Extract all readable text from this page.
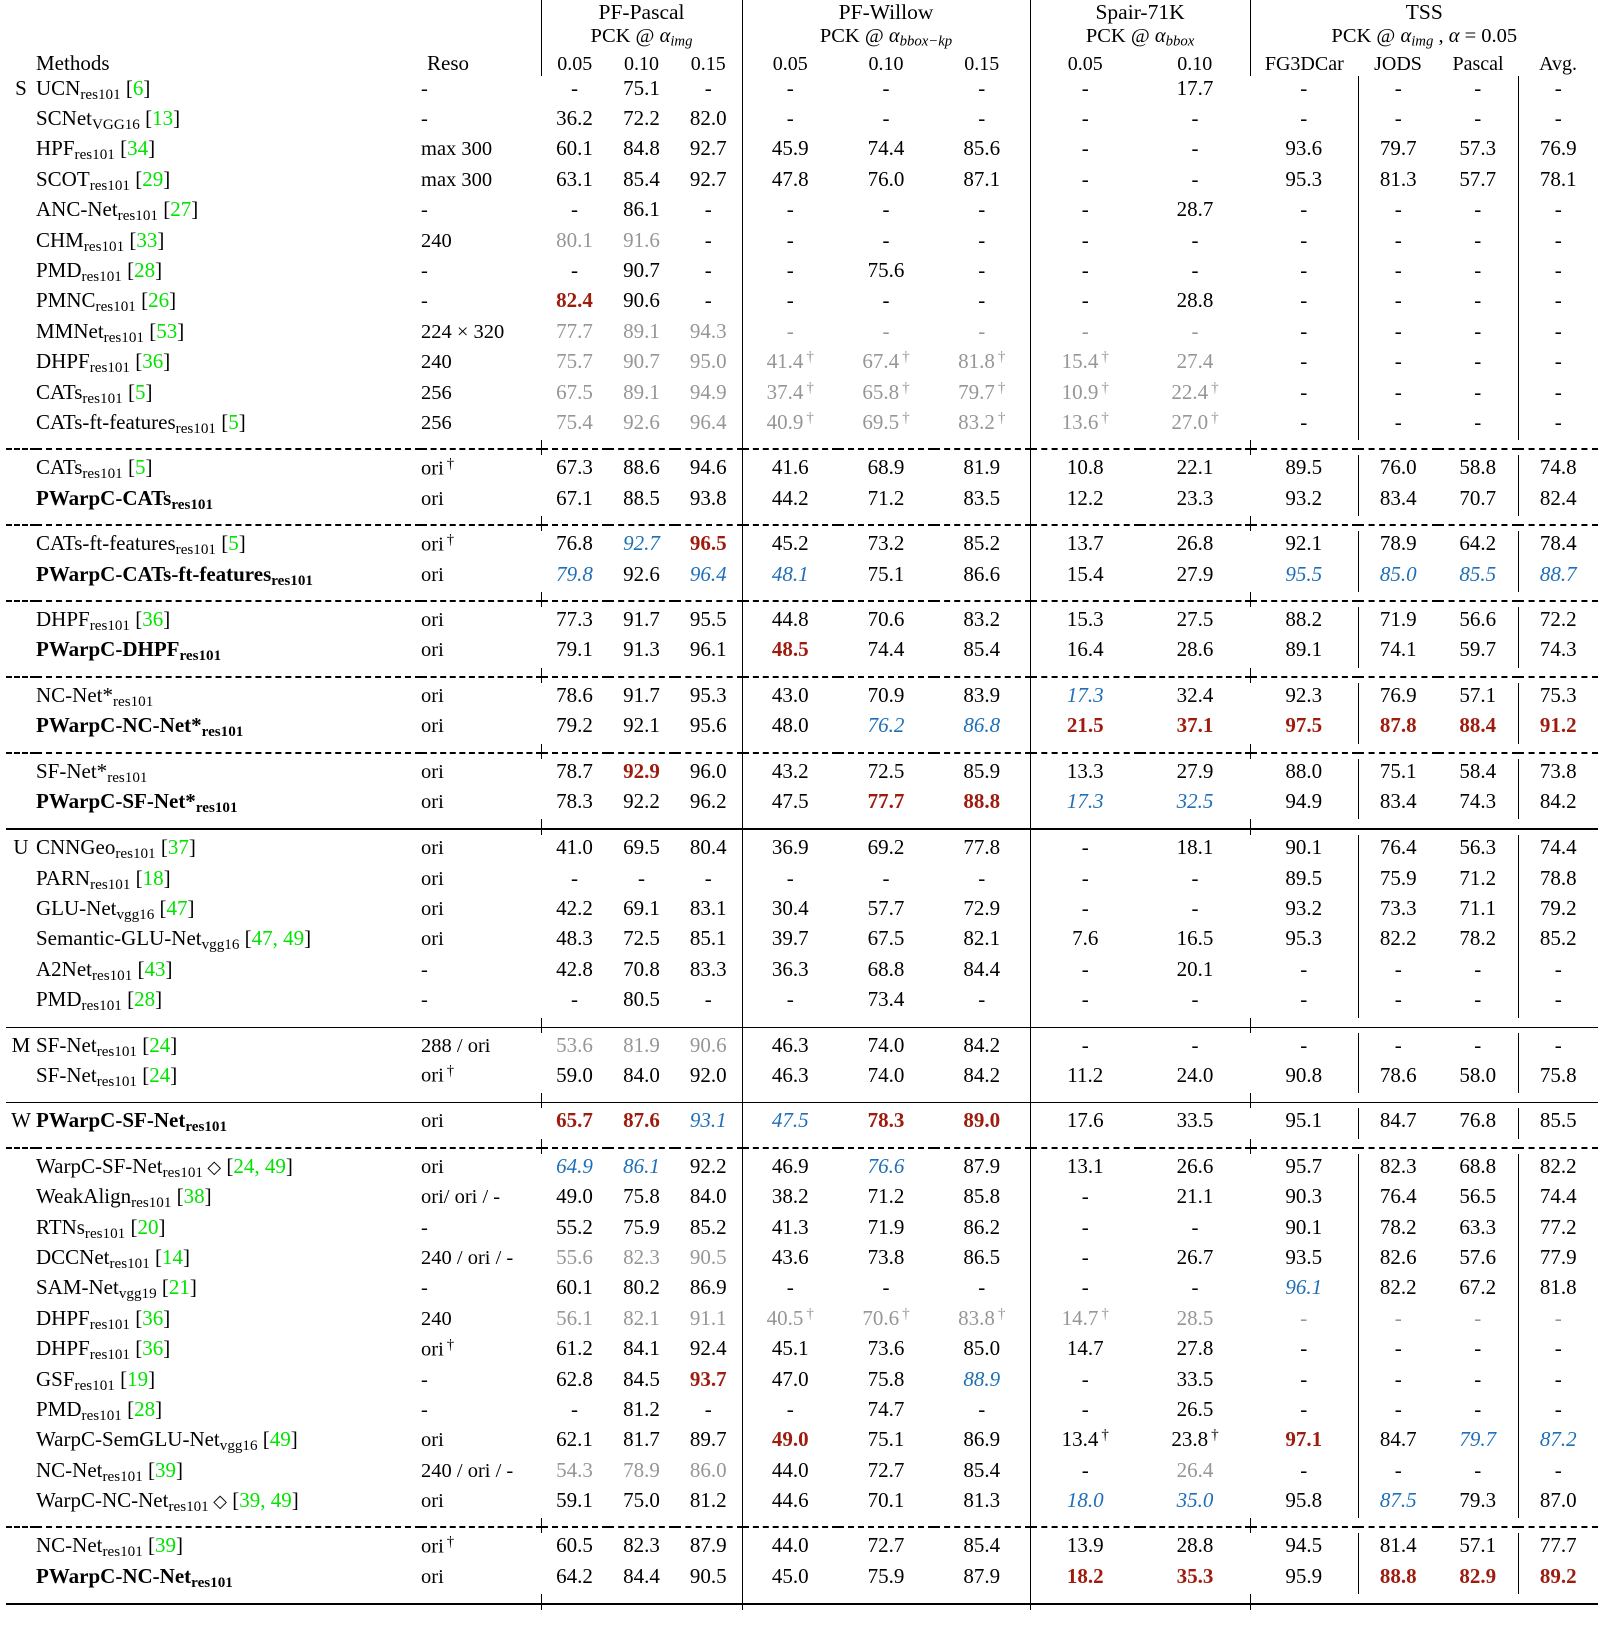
			PF-Pascal			PF-Willow			Spair-71K		TSS			
			PCK @ $\alpha_{img}$			PCK @ $\alpha_{bbox-kp}$			PCK @ $\alpha_{bbox}$		PCK @ $\alpha_{img}$ , α = 0.05			
	Methods	Reso	0.05	0.10	0.15	0.05	0.10	0.15	0.05	0.10	FG3DCar	JODS	Pascal	Avg.
S	$UCN_{res101}$ [6]	-	-	75.1	-	-	-	-	-	17.7	-	-	-	-
	SCNet$_{VGG16}$ [13]	-	36.2	72.2	82.0	-	-	-	-	-	-	-	-	-
	$HPF_{res101}$ [34]	max 300	60.1	84.8	92.7	45.9	74.4	85.6	-	-	93.6	79.7	57.3	76.9
	$SCOT_{res101}$ [29]	max 300	63.1	85.4	92.7	47.8	76.0	87.1	-	-	95.3	81.3	57.7	78.1
	ANC-Net$_{res101}$ [27]	-	-	86.1	-	-	-	-	-	28.7	-	-	-	-
	$CHM_{res101}$ [33]	240	80.1	91.6	-	-	-	-	-	-	-	-	-	-
	$PMD_{res101}$ [28]	-	-	90.7	-	-	75.6	-	-	-	-	-	-	-
	$PMNC_{res101}$ [26]	-	82.4	90.6	-	-	-	-	-	28.8	-	-	-	-
	MMNet$_{res101}$ [53]	224 × 320	77.7	89.1	94.3	-	-	-	-	-	-	-	-	-
	$DHPF_{res101}$ [36]	240	75.7	90.7	95.0	41.4 †	67.4 †	81.8 †	15.4 †	27.4	-	-	-	-
	CATs$_{res101}$ [5]	256	67.5	89.1	94.9	37.4 †	65.8 †	79.7 †	10.9 †	22.4 †	-	-	-	-
	CATs-ft-features$_{res101}$ [5]	256	75.4	92.6	96.4	40.9 †	69.5 †	83.2 †	13.6 †	27.0 †	-	-	-	-

	CATs$_{res101}$ [5]	ori †	67.3	88.6	94.6	41.6	68.9	81.9	10.8	22.1	89.5	76.0	58.8	74.8
	PWarpC-CATs$_{res101}$	ori	67.1	88.5	93.8	44.2	71.2	83.5	12.2	23.3	93.2	83.4	70.7	82.4

	CATs-ft-features$_{res101}$ [5]	ori †	76.8	92.7	96.5	45.2	73.2	85.2	13.7	26.8	92.1	78.9	64.2	78.4
	PWarpC-CATs-ft-features$_{res101}$	ori	79.8	92.6	96.4	48.1	75.1	86.6	15.4	27.9	95.5	85.0	85.5	88.7

	$DHPF_{res101}$ [36]	ori	77.3	91.7	95.5	44.8	70.6	83.2	15.3	27.5	88.2	71.9	56.6	72.2
	PWarpC-$DHPF_{res101}$	ori	79.1	91.3	96.1	48.5	74.4	85.4	16.4	28.6	89.1	74.1	59.7	74.3

	$NC-Net*_{res101}$	ori	78.6	91.7	95.3	43.0	70.9	83.9	17.3	32.4	92.3	76.9	57.1	75.3
	PWarpC-$NC-Net*_{res101}$	ori	79.2	92.1	95.6	48.0	76.2	86.8	21.5	37.1	97.5	87.8	88.4	91.2

	$SF-Net*_{res101}$	ori	78.7	92.9	96.0	43.2	72.5	85.9	13.3	27.9	88.0	75.1	58.4	73.8
	PWarpC-$SF-Net*_{res101}$	ori	78.3	92.2	96.2	47.5	77.7	88.8	17.3	32.5	94.9	83.4	74.3	84.2

U	CNNGeo$_{res101}$ [37]	ori	41.0	69.5	80.4	36.9	69.2	77.8	-	18.1	90.1	76.4	56.3	74.4
	$PARN_{res101}$ [18]	ori	-	-	-	-	-	-	-	-	89.5	75.9	71.2	78.8
	GLU-Net$_{vgg16}$ [47]	ori	42.2	69.1	83.1	30.4	57.7	72.9	-	-	93.2	73.3	71.1	79.2
	Semantic-GLU-Net$_{vgg16}$ [47, 49]	ori	48.3	72.5	85.1	39.7	67.5	82.1	7.6	16.5	95.3	82.2	78.2	85.2
	A2Net$_{res101}$ [43]	-	42.8	70.8	83.3	36.3	68.8	84.4	-	20.1	-	-	-	-
	$PMD_{res101}$ [28]	-	-	80.5	-	-	73.4	-	-	-	-	-	-	-

M	SF-Net$_{res101}$ [24]	288 / ori	53.6	81.9	90.6	46.3	74.0	84.2	-	-	-	-	-	-
	SF-Net$_{res101}$ [24]	ori †	59.0	84.0	92.0	46.3	74.0	84.2	11.2	24.0	90.8	78.6	58.0	75.8

W	PWarpC-SF-Net$_{res101}$	ori	65.7	87.6	93.1	47.5	78.3	89.0	17.6	33.5	95.1	84.7	76.8	85.5

	WarpC-SF-Net$_{res101}$ ◇ [24, 49]	ori	64.9	86.1	92.2	46.9	76.6	87.9	13.1	26.6	95.7	82.3	68.8	82.2
	WeakAlign$_{res101}$ [38]	ori/ ori / -	49.0	75.8	84.0	38.2	71.2	85.8	-	21.1	90.3	76.4	56.5	74.4
	RTNs$_{res101}$ [20]	-	55.2	75.9	85.2	41.3	71.9	86.2	-	-	90.1	78.2	63.3	77.2
	DCCNet$_{res101}$ [14]	240 / ori / -	55.6	82.3	90.5	43.6	73.8	86.5	-	26.7	93.5	82.6	57.6	77.9
	SAM-Net$_{vgg19}$ [21]	-	60.1	80.2	86.9	-	-	-	-	-	96.1	82.2	67.2	81.8
	$DHPF_{res101}$ [36]	240	56.1	82.1	91.1	40.5 †	70.6 †	83.8 †	14.7 †	28.5	-	-	-	-
	$DHPF_{res101}$ [36]	ori †	61.2	84.1	92.4	45.1	73.6	85.0	14.7	27.8	-	-	-	-
	$GSF_{res101}$ [19]	-	62.8	84.5	93.7	47.0	75.8	88.9	-	33.5	-	-	-	-
	$PMD_{res101}$ [28]	-	-	81.2	-	-	74.7	-	-	26.5	-	-	-	-
	WarpC-SemGLU-Net$_{vgg16}$ [49]	ori	62.1	81.7	89.7	49.0	75.1	86.9	13.4 †	23.8 †	97.1	84.7	79.7	87.2
	NC-Net$_{res101}$ [39]	240 / ori / -	54.3	78.9	86.0	44.0	72.7	85.4	-	26.4	-	-	-	-
	WarpC-NC-Net$_{res101}$ ◇ [39, 49]	ori	59.1	75.0	81.2	44.6	70.1	81.3	18.0	35.0	95.8	87.5	79.3	87.0

	NC-Net$_{res101}$ [39]	ori †	60.5	82.3	87.9	44.0	72.7	85.4	13.9	28.8	94.5	81.4	57.1	77.7
	PWarpC-NC-Net$_{res101}$	ori	64.2	84.4	90.5	45.0	75.9	87.9	18.2	35.3	95.9	88.8	82.9	89.2
